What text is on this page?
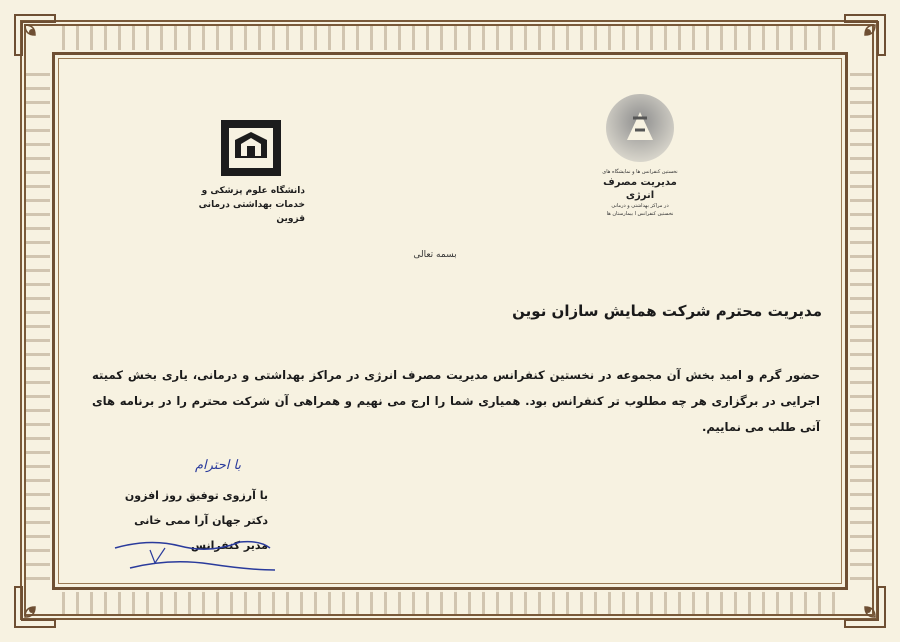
دانشگاه علوم پزشکی و
خدمات بهداشتی درمانی
قزوین
نخستین کنفرانس ها و نمایشگاه های
مدیریت مصرف انرژی
در مراکز بهداشتی و درمانی
نخستین کنفرانس ا بیمارستان ها
بسمه تعالی
مدیریت محترم شرکت همایش سازان نوین
حضور گرم و امید بخش آن مجموعه در نخستین کنفرانس مدیریت مصرف انرژی در مراکز بهداشتی و درمانی، یاری بخش کمیته اجرایی در برگزاری هر چه مطلوب تر کنفرانس بود. همیاری شما را ارج می نهیم و همراهی آن شرکت محترم را در برنامه های آتی طلب می نماییم.
با احترام
با آرزوی توفیق روز افزون
دکتر جهان آرا ممی خانی
مدیر کنفرانس
